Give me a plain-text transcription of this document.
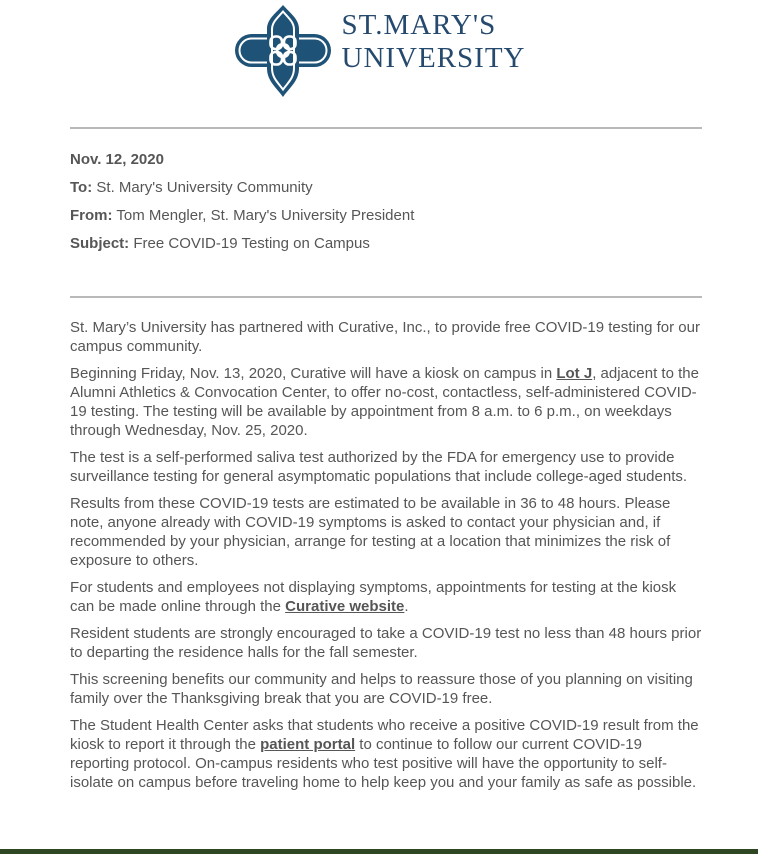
ST.MARY'S
UNIVERSITY
Nov. 12, 2020
To: St. Mary's University Community
From: Tom Mengler, St. Mary's University President
Subject: Free COVID-19 Testing on Campus

St. Mary’s University has partnered with Curative, Inc., to provide free COVID-19 testing for our campus community.

Beginning Friday, Nov. 13, 2020, Curative will have a kiosk on campus in Lot J, adjacent to the Alumni Athletics & Convocation Center, to offer no-cost, contactless, self-administered COVID-19 testing. The testing will be available by appointment from 8 a.m. to 6 p.m., on weekdays through Wednesday, Nov. 25, 2020.

The test is a self-performed saliva test authorized by the FDA for emergency use to provide surveillance testing for general asymptomatic populations that include college-aged students.

Results from these COVID-19 tests are estimated to be available in 36 to 48 hours. Please note, anyone already with COVID-19 symptoms is asked to contact your physician and, if recommended by your physician, arrange for testing at a location that minimizes the risk of exposure to others.

For students and employees not displaying symptoms, appointments for testing at the kiosk can be made online through the Curative website.

Resident students are strongly encouraged to take a COVID-19 test no less than 48 hours prior to departing the residence halls for the fall semester.

This screening benefits our community and helps to reassure those of you planning on visiting family over the Thanksgiving break that you are COVID-19 free.

The Student Health Center asks that students who receive a positive COVID-19 result from the kiosk to report it through the patient portal to continue to follow our current COVID-19 reporting protocol. On-campus residents who test positive will have the opportunity to self-isolate on campus before traveling home to help keep you and your family as safe as possible.
